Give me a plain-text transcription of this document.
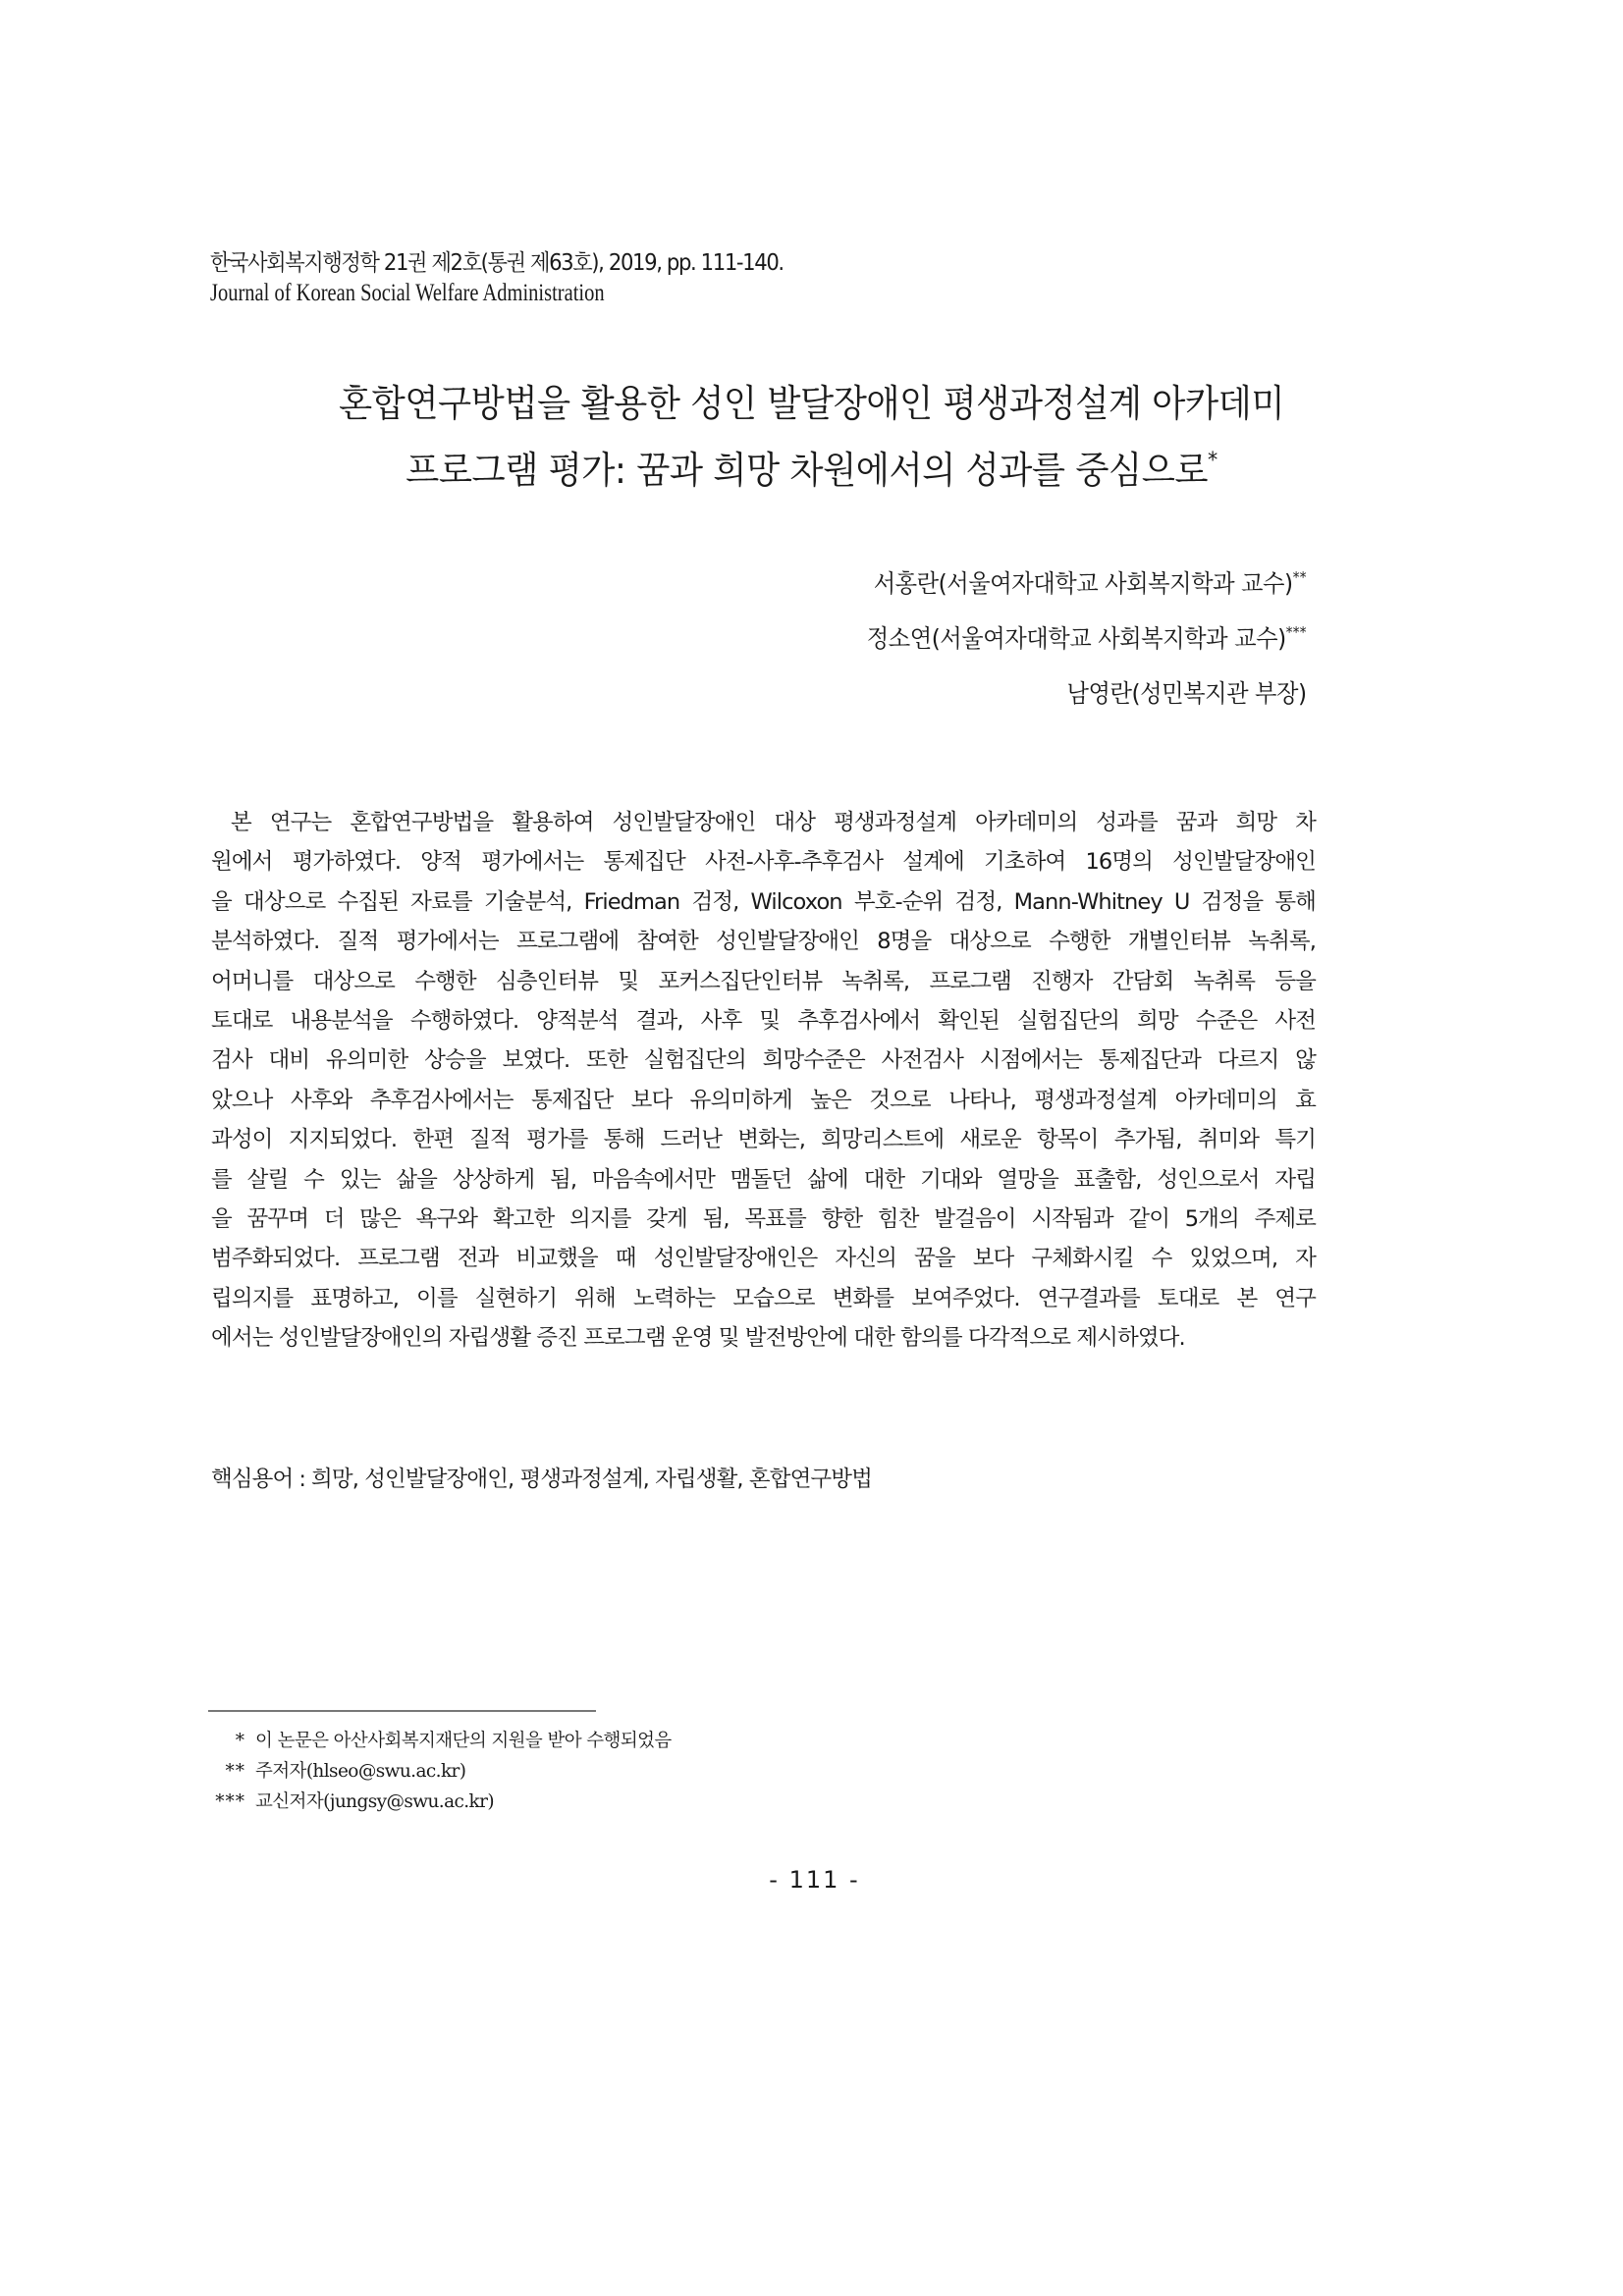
한국사회복지행정학 21권 제2호(통권 제63호), 2019, pp. 111-140.
Journal of Korean Social Welfare Administration
혼합연구방법을 활용한 성인 발달장애인 평생과정설계 아카데미
프로그램 평가: 꿈과 희망 차원에서의 성과를 중심으로*
서홍란(서울여자대학교 사회복지학과 교수)**
정소연(서울여자대학교 사회복지학과 교수)***
남영란(성민복지관 부장)
본 연구는 혼합연구방법을 활용하여 성인발달장애인 대상 평생과정설계 아카데미의 성과를 꿈과 희망 차
원에서 평가하였다. 양적 평가에서는 통제집단 사전-사후-추후검사 설계에 기초하여 16명의 성인발달장애인
을 대상으로 수집된 자료를 기술분석, Friedman 검정, Wilcoxon 부호-순위 검정, Mann-Whitney U 검정을 통해
분석하였다. 질적 평가에서는 프로그램에 참여한 성인발달장애인 8명을 대상으로 수행한 개별인터뷰 녹취록,
어머니를 대상으로 수행한 심층인터뷰 및 포커스집단인터뷰 녹취록, 프로그램 진행자 간담회 녹취록 등을
토대로 내용분석을 수행하였다. 양적분석 결과, 사후 및 추후검사에서 확인된 실험집단의 희망 수준은 사전
검사 대비 유의미한 상승을 보였다. 또한 실험집단의 희망수준은 사전검사 시점에서는 통제집단과 다르지 않
았으나 사후와 추후검사에서는 통제집단 보다 유의미하게 높은 것으로 나타나, 평생과정설계 아카데미의 효
과성이 지지되었다. 한편 질적 평가를 통해 드러난 변화는, 희망리스트에 새로운 항목이 추가됨, 취미와 특기
를 살릴 수 있는 삶을 상상하게 됨, 마음속에서만 맴돌던 삶에 대한 기대와 열망을 표출함, 성인으로서 자립
을 꿈꾸며 더 많은 욕구와 확고한 의지를 갖게 됨, 목표를 향한 힘찬 발걸음이 시작됨과 같이 5개의 주제로
범주화되었다. 프로그램 전과 비교했을 때 성인발달장애인은 자신의 꿈을 보다 구체화시킬 수 있었으며, 자
립의지를 표명하고, 이를 실현하기 위해 노력하는 모습으로 변화를 보여주었다. 연구결과를 토대로 본 연구
에서는 성인발달장애인의 자립생활 증진 프로그램 운영 및 발전방안에 대한 함의를 다각적으로 제시하였다.
핵심용어 : 희망, 성인발달장애인, 평생과정설계, 자립생활, 혼합연구방법
* 이 논문은 아산사회복지재단의 지원을 받아 수행되었음
** 주저자(hlseo@swu.ac.kr)
*** 교신저자(jungsy@swu.ac.kr)
- 111 -
